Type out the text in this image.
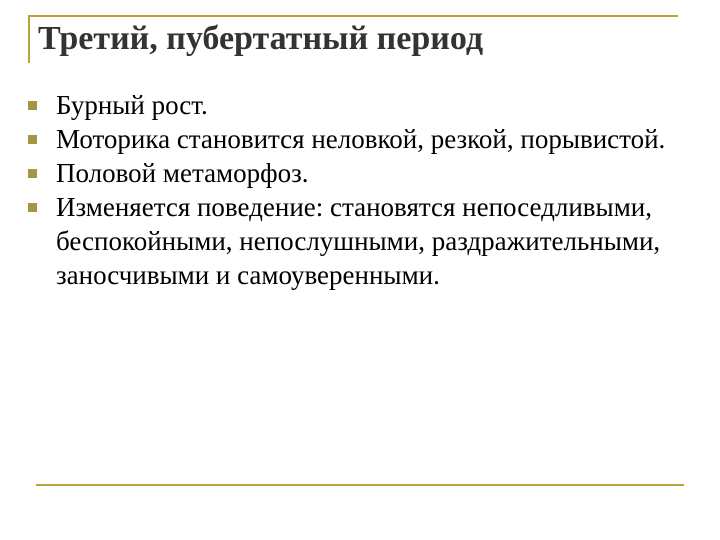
Третий, пубертатный период
Бурный рост.
Моторика становится неловкой, резкой, порывистой.
Половой метаморфоз.
Изменяется поведение: становятся непоседливыми, беспокойными, непослушными, раздражительными, заносчивыми и самоуверенными.
